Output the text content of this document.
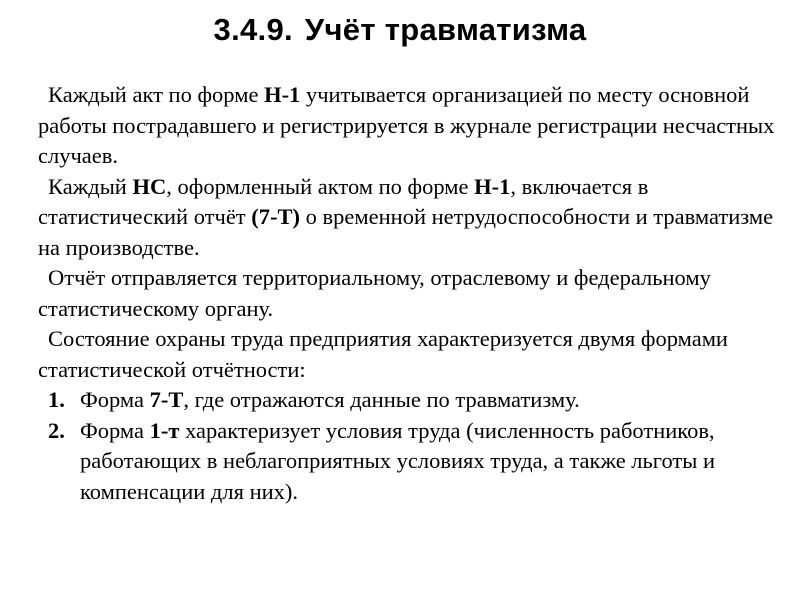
3.4.9. Учёт травматизма

Каждый акт по форме Н-1 учитывается организацией по месту основной работы пострадавшего и регистрируется в журнале регистрации несчастных случаев.

Каждый НС, оформленный актом по форме Н-1, включается в статистический отчёт (7-Т) о временной нетрудоспособности и травматизме на производстве.

Отчёт отправляется территориальному, отраслевому и федеральному статистическому органу.

Состояние охраны труда предприятия характеризуется двумя формами статистической отчётности:

1. Форма 7-Т, где отражаются данные по травматизму.
2. Форма 1-т характеризует условия труда (численность работников, работающих в неблагоприятных условиях труда, а также льготы и компенсации для них).
